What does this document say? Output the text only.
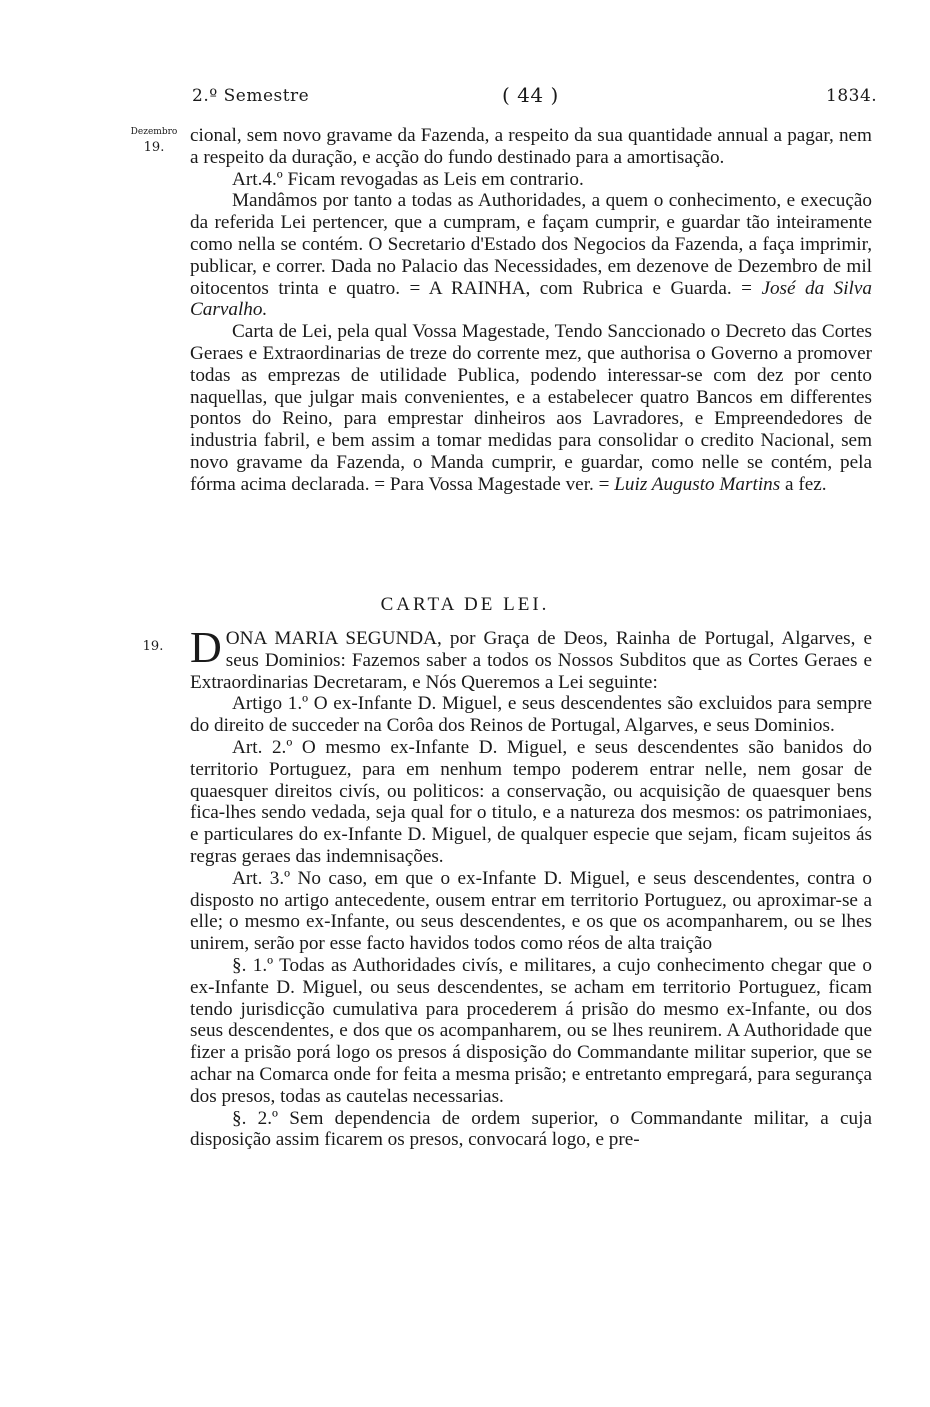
2.º Semestre	( 44 )	1834.
Dezembro
19.

cional, sem novo gravame da Fazenda, a respeito da sua quantidade annual a pagar, nem a respeito da duração, e acção do fundo destinado para a amortisação.

Art.4.º Ficam revogadas as Leis em contrario.

Mandâmos por tanto a todas as Authoridades, a quem o conhecimento, e execução da referida Lei pertencer, que a cumpram, e façam cumprir, e guardar tão inteiramente como nella se contém. O Secretario d'Estado dos Negocios da Fazenda, a faça imprimir, publicar, e correr. Dada no Palacio das Necessidades, em dezenove de Dezembro de mil oitocentos trinta e quatro. = A RAINHA, com Rubrica e Guarda. = José da Silva Carvalho.

Carta de Lei, pela qual Vossa Magestade, Tendo Sanccionado o Decreto das Cortes Geraes e Extraordinarias de treze do corrente mez, que authorisa o Governo a promover todas as emprezas de utilidade Publica, podendo interessar-se com dez por cento naquellas, que julgar mais convenientes, e a estabelecer quatro Bancos em differentes pontos do Reino, para emprestar dinheiros aos Lavradores, e Empreendedores de industria fabril, e bem assim a tomar medidas para consolidar o credito Nacional, sem novo gravame da Fazenda, o Manda cumprir, e guardar, como nelle se contém, pela fórma acima declarada. = Para Vossa Magestade ver. = Luiz Augusto Martins a fez.

CARTA DE LEI.
19. DONA MARIA SEGUNDA, por Graça de Deos, Rainha de Portugal, Algarves, e seus Dominios: Fazemos saber a todos os Nossos Subditos que as Cortes Geraes e Extraordinarias Decretaram, e Nós Queremos a Lei seguinte:

Artigo 1.º O ex-Infante D. Miguel, e seus descendentes são excluidos para sempre do direito de succeder na Corôa dos Reinos de Portugal, Algarves, e seus Dominios.

Art. 2.º O mesmo ex-Infante D. Miguel, e seus descendentes são banidos do territorio Portuguez, para em nenhum tempo poderem entrar nelle, nem gosar de quaesquer direitos civís, ou politicos: a conservação, ou acquisição de quaesquer bens fica-lhes sendo vedada, seja qual for o titulo, e a natureza dos mesmos: os patrimoniaes, e particulares do ex-Infante D. Miguel, de qualquer especie que sejam, ficam sujeitos ás regras geraes das indemnisações.

Art. 3.º No caso, em que o ex-Infante D. Miguel, e seus descendentes, contra o disposto no artigo antecedente, ousem entrar em territorio Portuguez, ou aproximar-se a elle; o mesmo ex-Infante, ou seus descendentes, e os que os acompanharem, ou se lhes unirem, serão por esse facto havidos todos como réos de alta traição

§. 1.º Todas as Authoridades civís, e militares, a cujo conhecimento chegar que o ex-Infante D. Miguel, ou seus descendentes, se acham em territorio Portuguez, ficam tendo jurisdicção cumulativa para procederem á prisão do mesmo ex-Infante, ou dos seus descendentes, e dos que os acompanharem, ou se lhes reunirem. A Authoridade que fizer a prisão porá logo os presos á disposição do Commandante militar superior, que se achar na Comarca onde for feita a mesma prisão; e entretanto empregará, para segurança dos presos, todas as cautelas necessarias.

§. 2.º Sem dependencia de ordem superior, o Commandante militar, a cuja disposição assim ficarem os presos, convocará logo, e pre-
